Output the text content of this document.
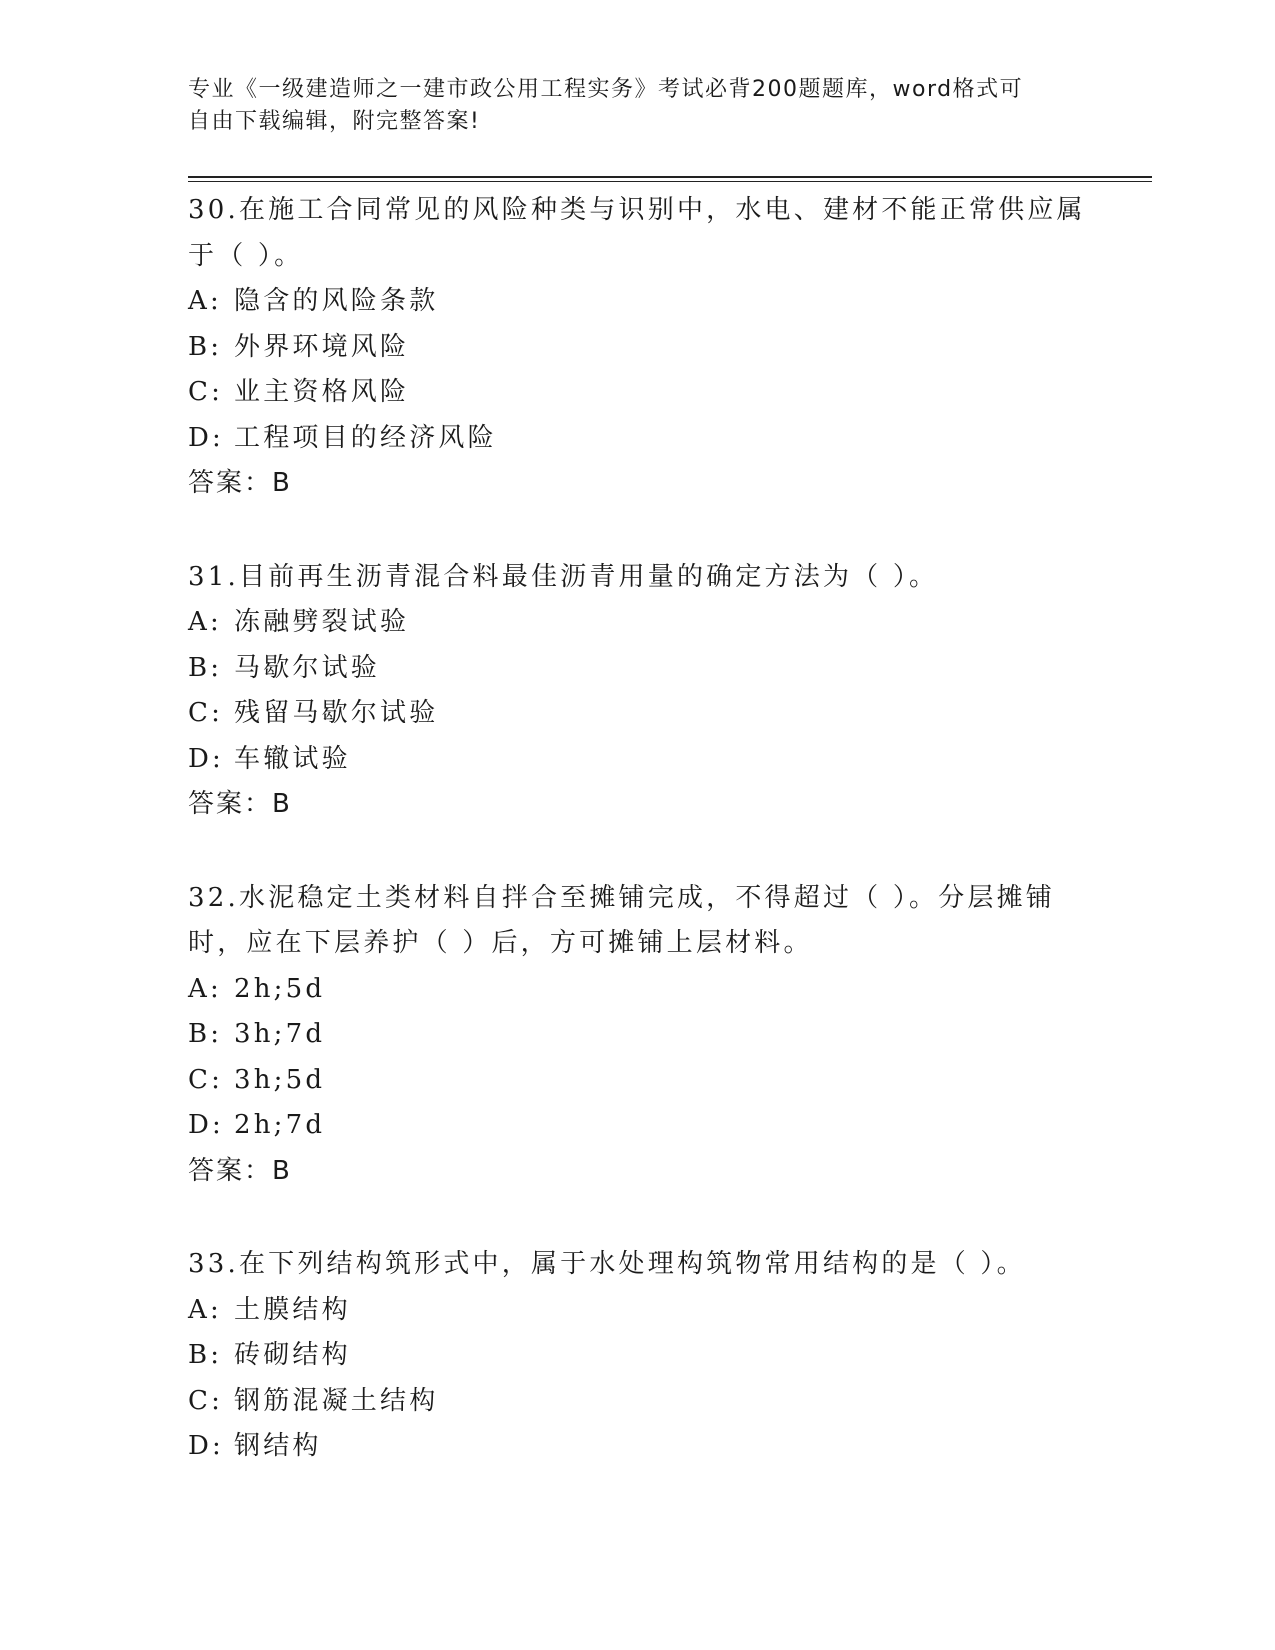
专业《一级建造师之一建市政公用工程实务》考试必背200题题库，word格式可
自由下载编辑，附完整答案!
30.在施工合同常见的风险种类与识别中，水电、建材不能正常供应属
于（ ）。
A: 隐含的风险条款
B: 外界环境风险
C: 业主资格风险
D: 工程项目的经济风险
答案：B
31.目前再生沥青混合料最佳沥青用量的确定方法为（ ）。
A: 冻融劈裂试验
B: 马歇尔试验
C: 残留马歇尔试验
D: 车辙试验
答案：B
32.水泥稳定土类材料自拌合至摊铺完成，不得超过（ ）。分层摊铺
时，应在下层养护（ ）后，方可摊铺上层材料。
A: 2h;5d
B: 3h;7d
C: 3h;5d
D: 2h;7d
答案：B
33.在下列结构筑形式中，属于水处理构筑物常用结构的是（ ）。
A: 土膜结构
B: 砖砌结构
C: 钢筋混凝土结构
D: 钢结构
